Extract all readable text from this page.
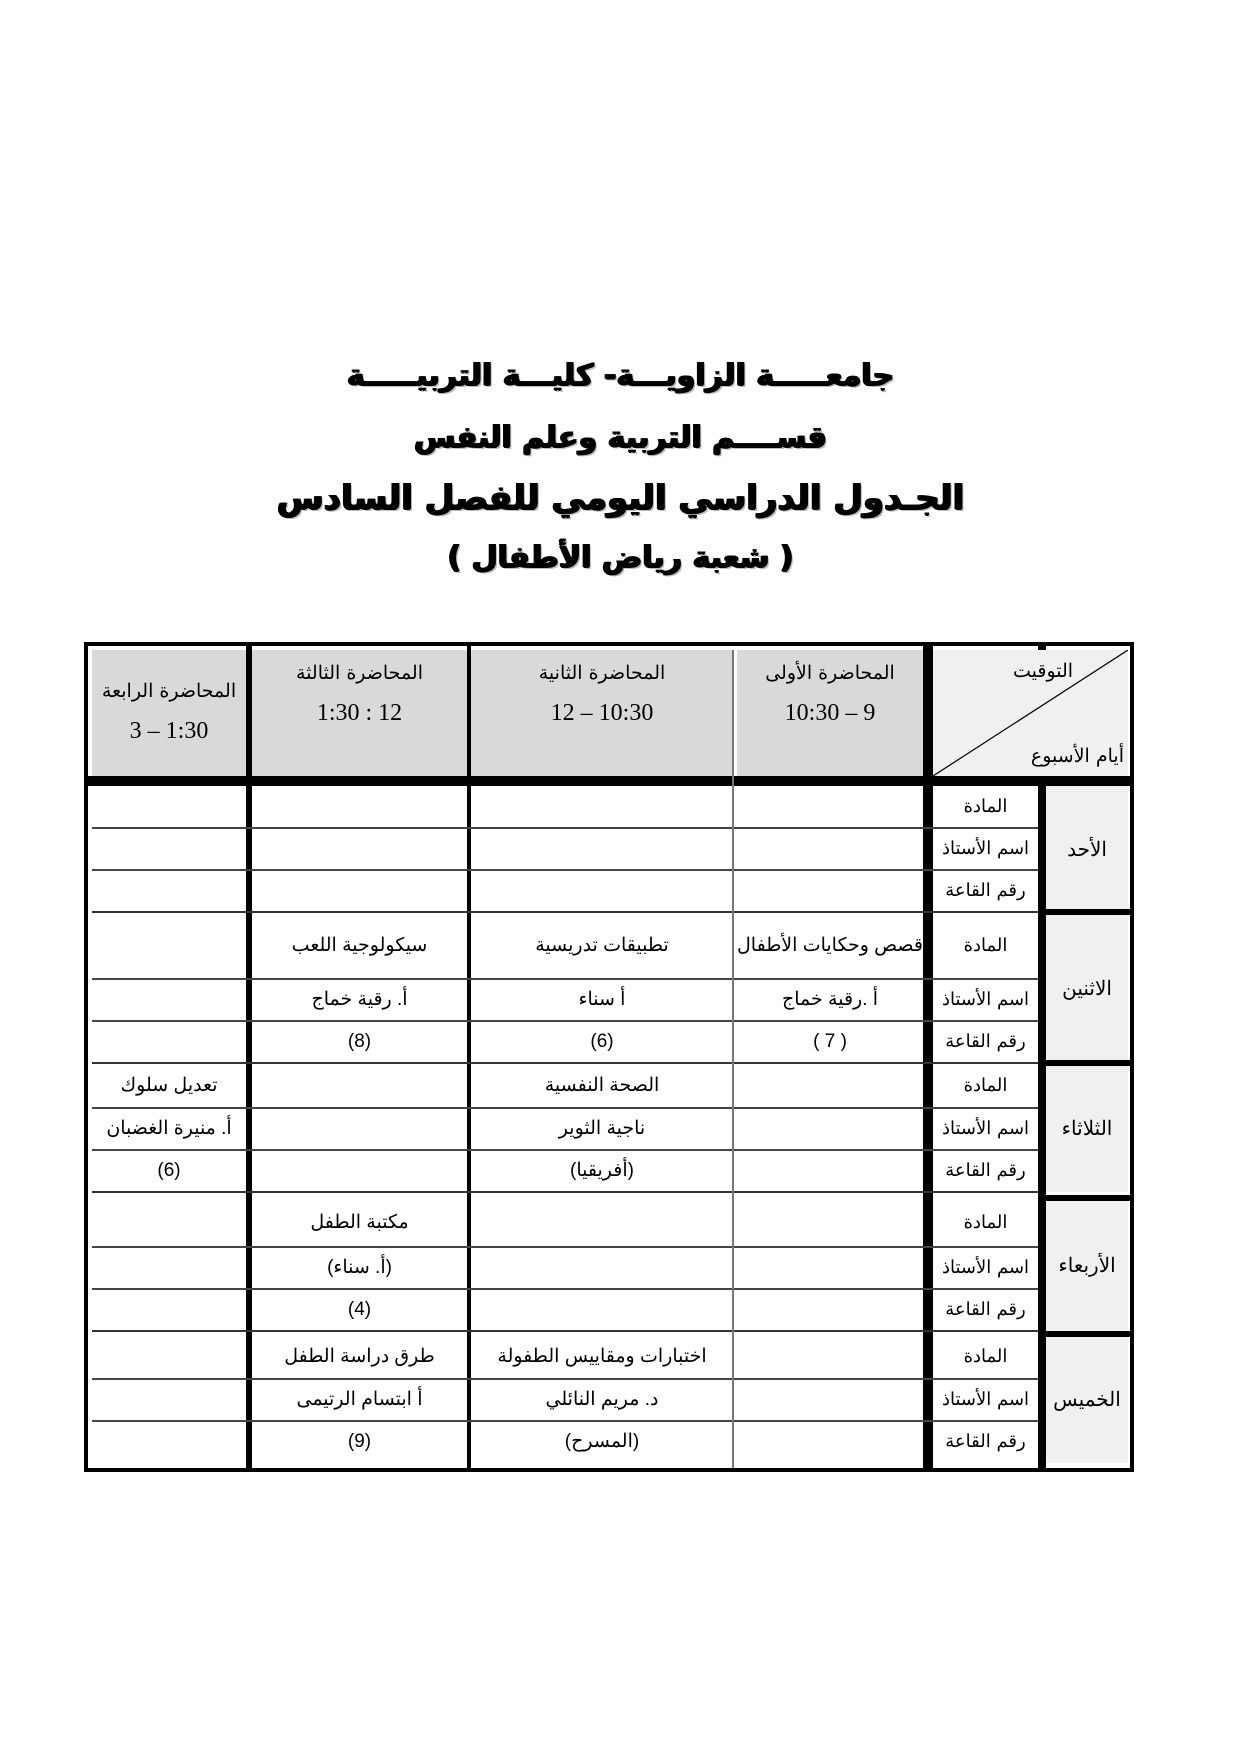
جامعـــــة الزاويـــة- كليـــة التربيـــــة
قســــم التربية وعلم النفس
الجـدول الدراسي اليومي للفصل السادس
( شعبة رياض الأطفال )
التوقيت
أيام الأسبوع
المحاضرة الأولى
10:30 – 9
المحاضرة الثانية
12 – 10:30
المحاضرة الثالثة
1:30 : 12
المحاضرة الرابعة
3 – 1:30
الأحد
المادة
اسم الأستاذ
رقم القاعة
الاثنين
المادة
قصص وحكايات الأطفال
تطبيقات تدريسية
سيكولوجية اللعب
اسم الأستاذ
أ .رقية خماج
أ سناء
أ. رقية خماج
رقم القاعة
( 7 )
(6)
(8)
الثلاثاء
المادة
الصحة النفسية
تعديل سلوك
اسم الأستاذ
ناجية الثوير
أ. منيرة الغضبان
رقم القاعة
(أفريقيا)
(6)
الأربعاء
المادة
مكتبة الطفل
اسم الأستاذ
(أ. سناء)
رقم القاعة
(4)
الخميس
المادة
اختبارات ومقاييس الطفولة
طرق دراسة الطفل
اسم الأستاذ
د. مريم النائلي
أ ابتسام الرتيمى
رقم القاعة
(المسرح)
(9)
